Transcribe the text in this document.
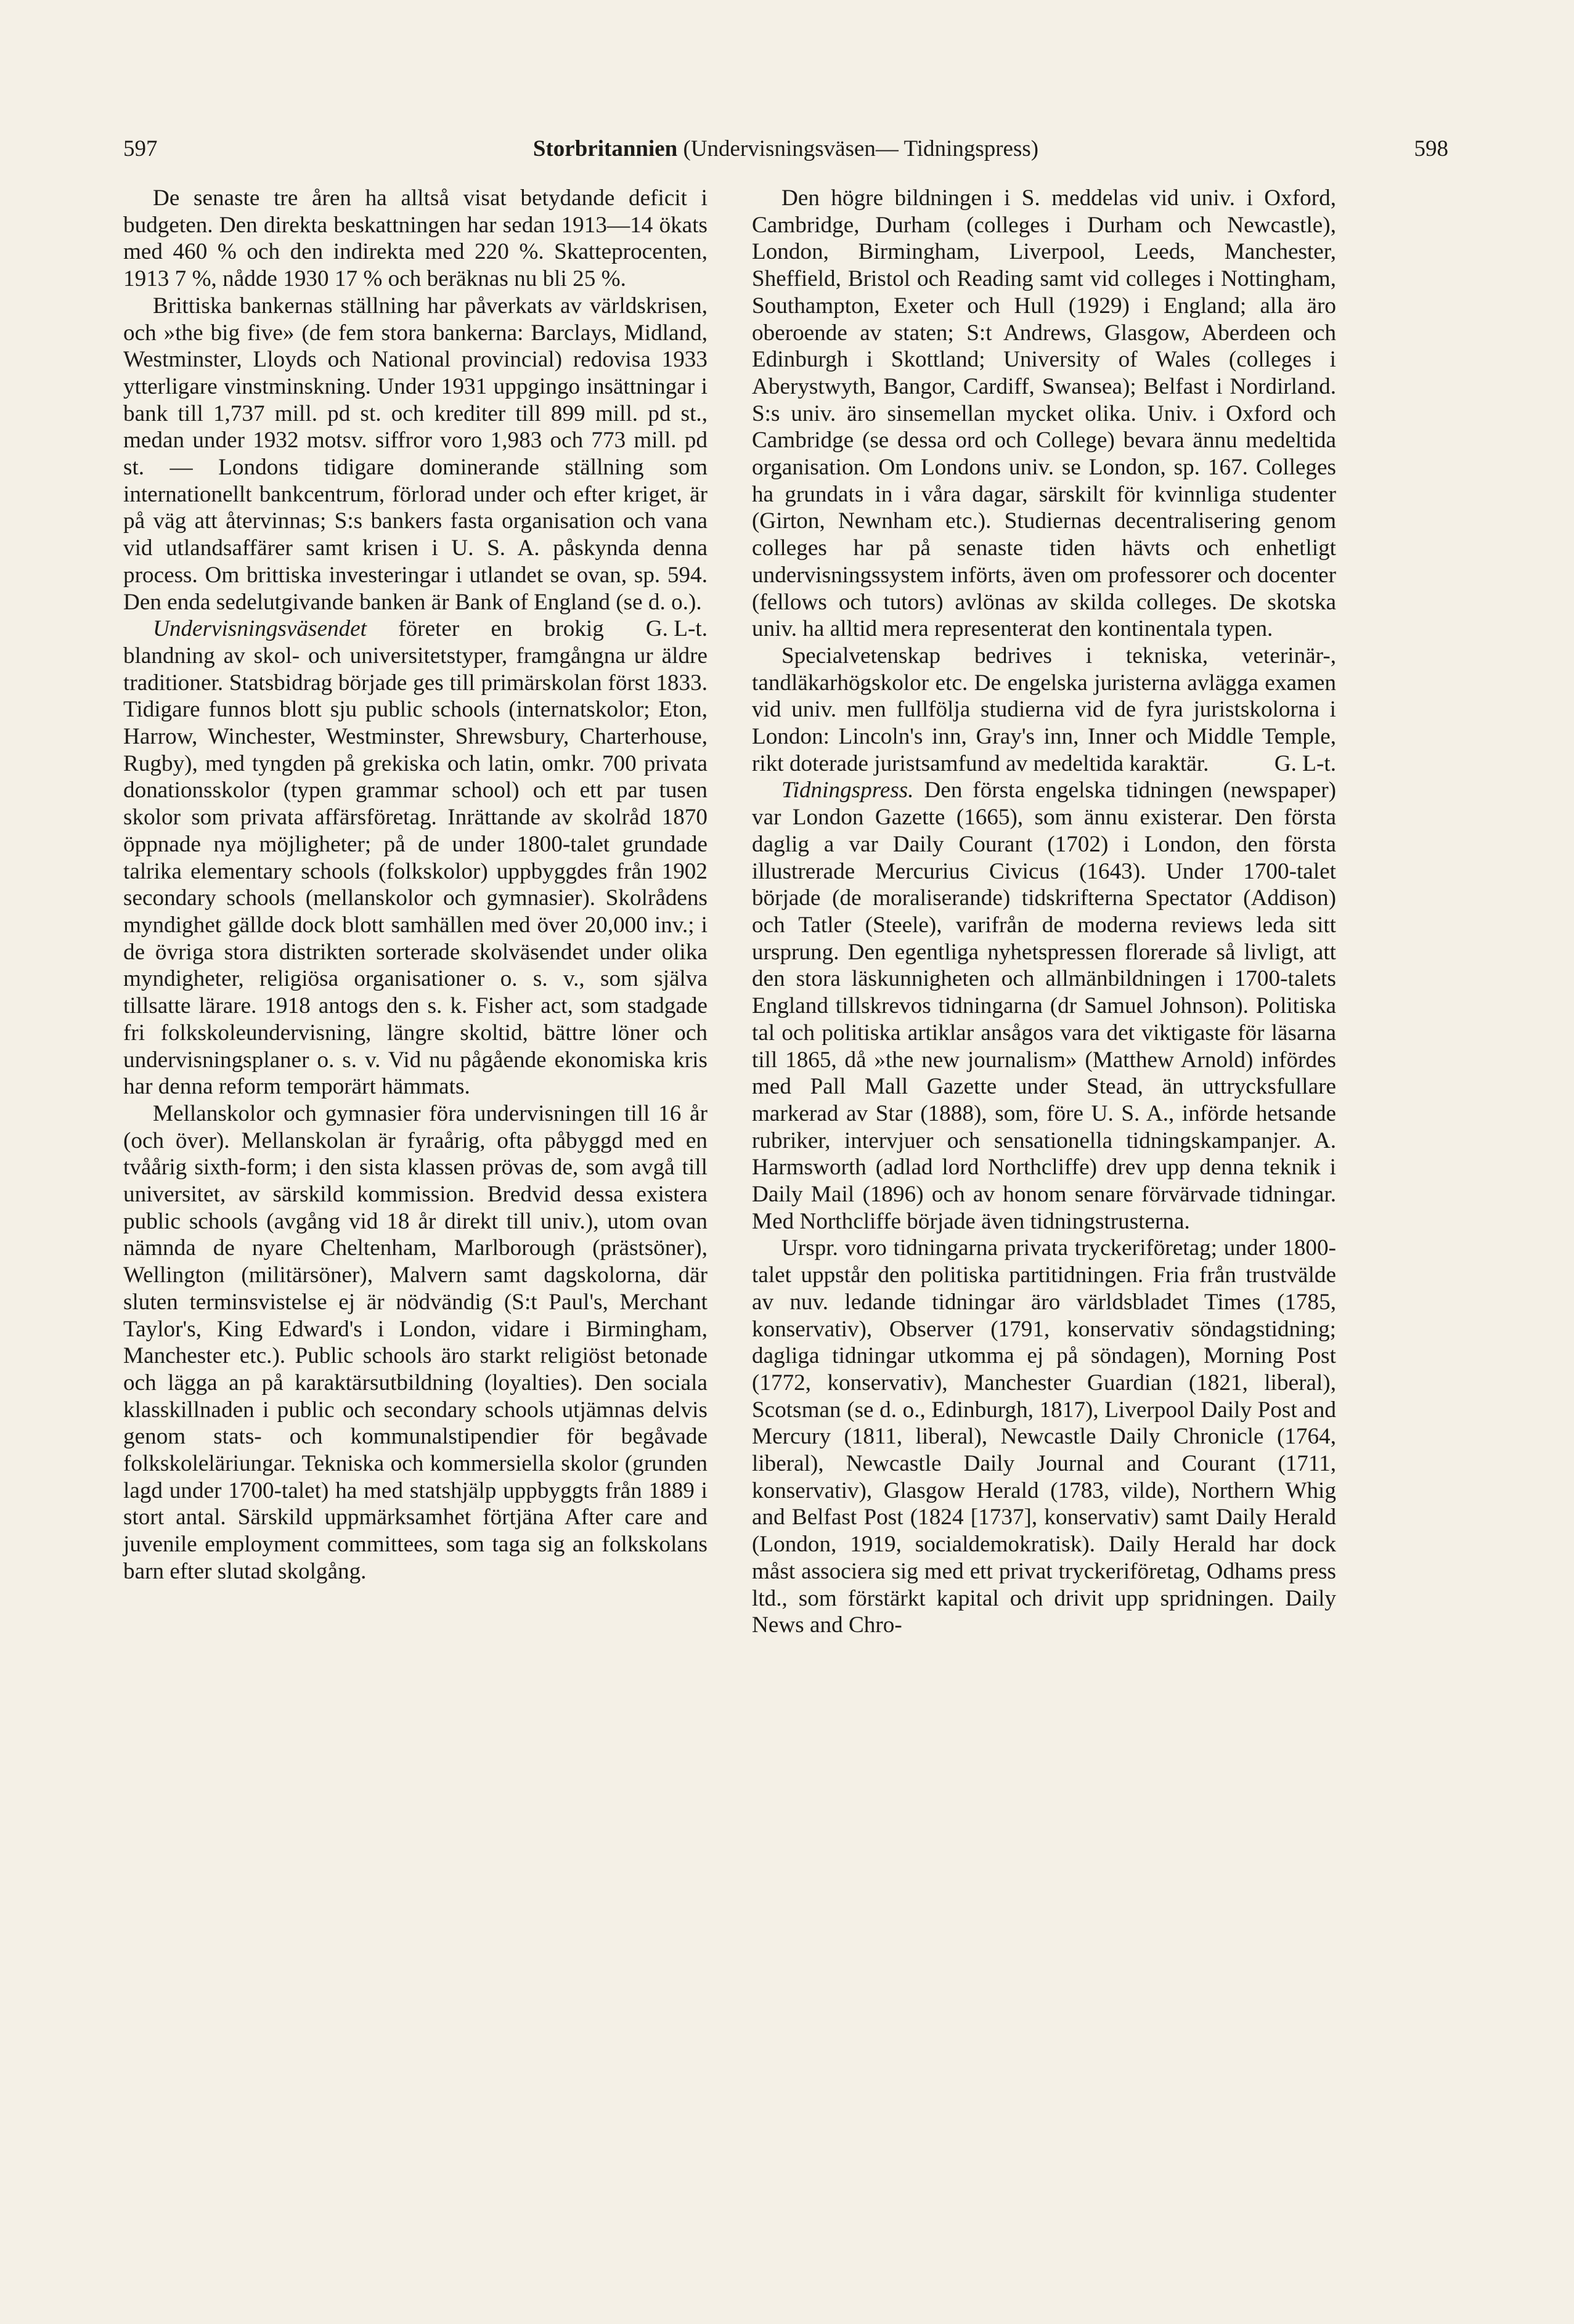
597	Storbritannien (Undervisningsväsen— Tidningspress)	598

De senaste tre åren ha alltså visat betydande deficit i budgeten. Den direkta beskattningen har sedan 1913—14 ökats med 460 % och den indirekta med 220 %. Skatteprocenten, 1913 7 %, nådde 1930 17 % och beräknas nu bli 25 %.

Brittiska bankernas ställning har påverkats av världskrisen, och »the big five» (de fem stora bankerna: Barclays, Midland, Westminster, Lloyds och National provincial) redovisa 1933 ytterligare vinstminskning. Under 1931 uppgingo insättningar i bank till 1,737 mill. pd st. och krediter till 899 mill. pd st., medan under 1932 motsv. siffror voro 1,983 och 773 mill. pd st. — Londons tidigare dominerande ställning som internationellt bankcentrum, förlorad under och efter kriget, är på väg att återvinnas; S:s bankers fasta organisation och vana vid utlandsaffärer samt krisen i U. S. A. påskynda denna process. Om brittiska investeringar i utlandet se ovan, sp. 594. Den enda sedelutgivande banken är Bank of England (se d. o.).
G. L-t.

Undervisningsväsendet företer en brokig blandning av skol- och universitetstyper, framgångna ur äldre traditioner. Statsbidrag började ges till primärskolan först 1833. Tidigare funnos blott sju public schools (internatskolor; Eton, Harrow, Winchester, Westminster, Shrewsbury, Charterhouse, Rugby), med tyngden på grekiska och latin, omkr. 700 privata donationsskolor (typen grammar school) och ett par tusen skolor som privata affärsföretag. Inrättande av skolråd 1870 öppnade nya möjligheter; på de under 1800-talet grundade talrika elementary schools (folkskolor) uppbyggdes från 1902 secondary schools (mellanskolor och gymnasier). Skolrådens myndighet gällde dock blott samhällen med över 20,000 inv.; i de övriga stora distrikten sorterade skolväsendet under olika myndigheter, religiösa organisationer o. s. v., som själva tillsatte lärare. 1918 antogs den s. k. Fisher act, som stadgade fri folkskoleundervisning, längre skoltid, bättre löner och undervisningsplaner o. s. v. Vid nu pågående ekonomiska kris har denna reform temporärt hämmats.

Mellanskolor och gymnasier föra undervisningen till 16 år (och över). Mellanskolan är fyraårig, ofta påbyggd med en tvåårig sixth-form; i den sista klassen prövas de, som avgå till universitet, av särskild kommission. Bredvid dessa existera public schools (avgång vid 18 år direkt till univ.), utom ovan nämnda de nyare Cheltenham, Marlborough (prästsöner), Wellington (militärsöner), Malvern samt dagskolorna, där sluten terminsvistelse ej är nödvändig (S:t Paul's, Merchant Taylor's, King Edward's i London, vidare i Birmingham, Manchester etc.). Public schools äro starkt religiöst betonade och lägga an på karaktärsutbildning (loyalties). Den sociala klasskillnaden i public och secondary schools utjämnas delvis genom stats- och kommunalstipendier för begåvade folkskoleläriungar. Tekniska och kommersiella skolor (grunden lagd under 1700-talet) ha med statshjälp uppbyggts från 1889 i stort antal. Särskild uppmärksamhet förtjäna After care and juvenile employment committees, som taga sig an folkskolans barn efter slutad skolgång.

Den högre bildningen i S. meddelas vid univ. i Oxford, Cambridge, Durham (colleges i Durham och Newcastle), London, Birmingham, Liverpool, Leeds, Manchester, Sheffield, Bristol och Reading samt vid colleges i Nottingham, Southampton, Exeter och Hull (1929) i England; alla äro oberoende av staten; S:t Andrews, Glasgow, Aberdeen och Edinburgh i Skottland; University of Wales (colleges i Aberystwyth, Bangor, Cardiff, Swansea); Belfast i Nordirland. S:s univ. äro sinsemellan mycket olika. Univ. i Oxford och Cambridge (se dessa ord och College) bevara ännu medeltida organisation. Om Londons univ. se London, sp. 167. Colleges ha grundats in i våra dagar, särskilt för kvinnliga studenter (Girton, Newnham etc.). Studiernas decentralisering genom colleges har på senaste tiden hävts och enhetligt undervisningssystem införts, även om professorer och docenter (fellows och tutors) avlönas av skilda colleges. De skotska univ. ha alltid mera representerat den kontinentala typen.

Specialvetenskap bedrives i tekniska, veterinär-, tandläkarhögskolor etc. De engelska juristerna avlägga examen vid univ. men fullfölja studierna vid de fyra juristskolorna i London: Lincoln's inn, Gray's inn, Inner och Middle Temple, rikt doterade juristsamfund av medeltida karaktär.	G. L-t.

Tidningspress. Den första engelska tidningen (newspaper) var London Gazette (1665), som ännu existerar. Den första daglig a var Daily Courant (1702) i London, den första illustrerade Mercurius Civicus (1643). Under 1700-talet började (de moraliserande) tidskrifterna Spectator (Addison) och Tatler (Steele), varifrån de moderna reviews leda sitt ursprung. Den egentliga nyhetspressen florerade så livligt, att den stora läskunnigheten och allmänbildningen i 1700-talets England tillskrevos tidningarna (dr Samuel Johnson). Politiska tal och politiska artiklar ansågos vara det viktigaste för läsarna till 1865, då »the new journalism» (Matthew Arnold) infördes med Pall Mall Gazette under Stead, än uttrycksfullare markerad av Star (1888), som, före U. S. A., införde hetsande rubriker, intervjuer och sensationella tidningskampanjer. A. Harmsworth (adlad lord Northcliffe) drev upp denna teknik i Daily Mail (1896) och av honom senare förvärvade tidningar. Med Northcliffe började även tidningstrusterna.

Urspr. voro tidningarna privata tryckeriföretag; under 1800-talet uppstår den politiska partitidningen. Fria från trustvälde av nuv. ledande tidningar äro världsbladet Times (1785, konservativ), Observer (1791, konservativ söndagstidning; dagliga tidningar utkomma ej på söndagen), Morning Post (1772, konservativ), Manchester Guardian (1821, liberal), Scotsman (se d. o., Edinburgh, 1817), Liverpool Daily Post and Mercury (1811, liberal), Newcastle Daily Chronicle (1764, liberal), Newcastle Daily Journal and Courant (1711, konservativ), Glasgow Herald (1783, vilde), Northern Whig and Belfast Post (1824 [1737], konservativ) samt Daily Herald (London, 1919, socialdemokratisk). Daily Herald har dock måst associera sig med ett privat tryckeriföretag, Odhams press ltd., som förstärkt kapital och drivit upp spridningen. Daily News and Chro-
